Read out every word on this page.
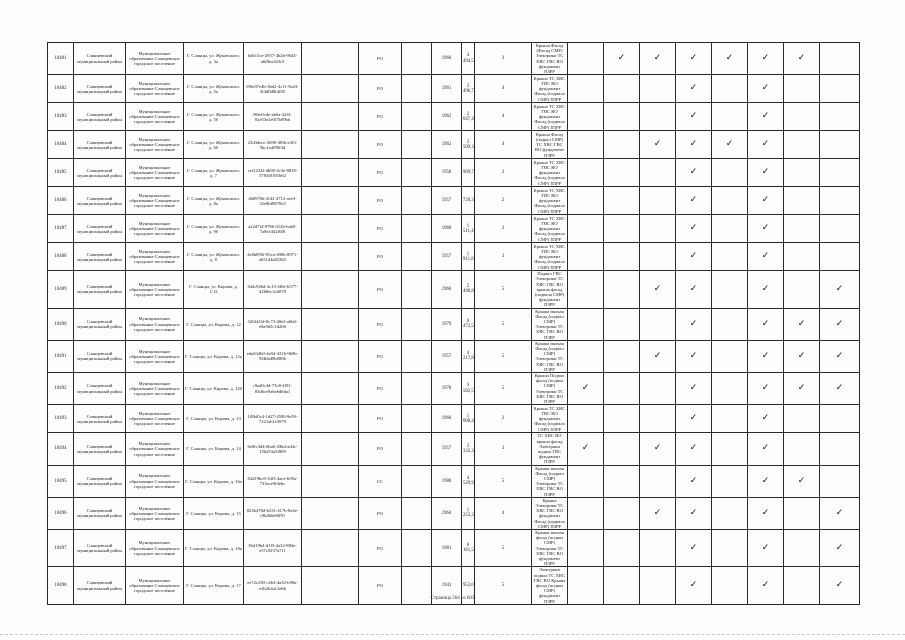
10481	Сланцевский муниципальный район	Муниципальное образование Сланцевское городское поселение	Г. Сланцы, ул. Жуковского, д. 3а	bdb13ce-2957-4b2b-9643-a6f8ea1d3c5		РО		1960	4 494,5	3	Крыша Фасад (Фасад СМР) Электрики ТС ХВС ГВС ВО фундамент ПЗРР		✓	✓	✓	✓	✓	✓		
10482	Сланцевский муниципальный район	Муниципальное образование Сланцевское городское поселение	Г. Сланцы, ул. Жуковского, д. 5а	69fe07e4b-3bd2-4c11-9a43-3f4d0d8f4f85		РО		1961	3 496,7	4	Крыша ТС ХВС ГВС ВО фундамент Фасад (подвала СМР) ПЗРР				✓		✓			
10483	Сланцевский муниципальный район	Муниципальное образование Сланцевское городское поселение	Г. Сланцы, ул. Жуковского, д. 5б	96fe0cde-ab0a-42f3-82e53e2e0f7b09bb		РО		1962	2 047,4	4	Крыша ТС ХВС ГВС ВО фундамент Фасад (подвала СМР) ПЗРР				✓		✓			
10484	Сланцевский муниципальный район	Муниципальное образование Сланцевское городское поселение	Г. Сланцы, ул. Жуковского, д. 6б	23d3dece-2690-4f0b-a3f3-5bc1a4f99f3d		РО		1962	3 509,3	4	Крыша Фасад (подвал СМР) ТС ХВС ГВС ВО фундамент ПЗРР			✓	✓	✓	✓			
10485	Сланцевский муниципальный район	Муниципальное образование Сланцевское городское поселение	Г. Сланцы, ул. Жуковского, д. 7	cef1234f-db98-4c3e-8818-5783f0181b62		РО		1958	969,7	3	Крыша ТС ХВС ГВС ВО фундамент Фасад (подвала СМР) ПЗРР				✓		✓			
10486	Сланцевский муниципальный район	Муниципальное образование Сланцевское городское поселение	Г. Сланцы, ул. Жуковского, д. 8а	4b8970d-2f42-4712-aee3-32e0bf8870e3		РО		1957	720,3	2	Крыша ТС ХВС ГВС ВО фундамент Фасад (подвала СМР) ПЗРР				✓		✓			
10487	Сланцевский муниципальный район	Муниципальное образование Сланцевское городское поселение	Г. Сланцы, ул. Жуковского, д. 9б	a22d7f4-9786-412b-bab0-7a8e1d42f6f8		РО		1960	1 511,4	3	Крыша ТС ХВС ГВС ВО фундамент Фасад (подвала СМР) ПЗРР				✓		✓			
10488	Сланцевский муниципальный район	Муниципальное образование Сланцевское городское поселение	Г. Сланцы, ул. Жуковского, д. 8	4e6b895f-85ca-490b-8971-a631d4a82365		РО		1957	1 911,8	3	Крыша ТС ХВС ГВС ВО фундамент Фасад (подвала СМР) ПЗРР				✓		✓			
10489	Сланцевский муниципальный район	Муниципальное образование Сланцевское городское поселение	Г. Сланцы, ул. Кирова, д. 1/12	3d4c926d-2c13-4f0e-b577-42b8ec3c6078		РО		1966	2 498,8	5	Подвал ГВС Электрики ТС ХВС ГВС ВО крыша фасад (подвала СМР) фундамент ПЗРР			✓	✓		✓		✓	
10490	Сланцевский муниципальный район	Муниципальное образование Сланцевское городское поселение	Г. Сланцы, ул. Кирова, д. 12	326f4f1d-8c73-40e2-a6b6-e8a5b5c1d266		РО		1979	6 472,5	5	Крыша мягкая Фасад (подвал СМР) Электрики ТС ХВС ГВС ВО ПЗРР				✓		✓	✓	✓	
10491	Сланцевский муниципальный район	Муниципальное образование Сланцевское городское поселение	Г. Сланцы, ул. Кирова, д. 12а	eda634b0-4a94-4316-9b9b-9f4b6d8b080b		РО		1957	4 217,8	5	Крыша мягкая Фасад (подвал СМР) Электрики ТС ХВС ГВС ВО ПЗРР			✓	✓		✓	✓	✓	
10492	Сланцевский муниципальный район	Муниципальное образование Сланцевское городское поселение	Г. Сланцы, ул. Кирова, д. 12б	c9ad0c4d-73c8-4f91-83d6ce9a6e6d6da1		РО		1978	3 582,5	5	Крыша Подвал фасад (подвал СМР) Электрики ТС ХВС ГВС ВО ПЗРР	✓			✓		✓	✓	✓	
10493	Сланцевский муниципальный район	Муниципальное образование Сланцевское городское поселение	Г. Сланцы, ул. Кирова, д. 13	1f8bf0c4-1d27-4590-9e59-7221ab1e3979		РО		1960	1 008,4	2	Крыша ТС ХВС ГВС ВО фундамент Фасад (подвала СМР) ПЗРР				✓		✓			
10494	Сланцевский муниципальный район	Муниципальное образование Сланцевское городское поселение	Г. Сланцы, ул. Кирова, д. 14	6e8fc3d4-6ba6-43bd-ad4c-15b253a5f809		РО		1957	3 332,3	3	ТС ХВС ВО крыша фасад Электрики подвал ГВС фундамент ПЗРР	✓		✓	✓		✓			
10495	Сланцевский муниципальный район	Муниципальное образование Сланцевское городское поселение	Г. Сланцы, ул. Кирова, д. 16а	82d19bc8-34f3-4ace-b95a-733ace9f4ebc		СС		1980	4 529,9	5	Крыша мягкая Фасад (подвал СМР) Электрики ТС ХВС ГВС ВО ПЗРР				✓		✓	✓		
10496	Сланцевский муниципальный район	Муниципальное образование Сланцевское городское поселение	Г. Сланцы, ул. Кирова, д. 15	823b478d-b331-417b-8e4e-c9b4b6e8ff91		РО		1964	1 252,2	4	Крыша Электрики ТС ХВС ГВС ВО фундамент Фасад (подвала СМР) ПЗРР			✓	✓		✓		✓	
10497	Сланцевский муниципальный район	Муниципальное образование Сланцевское городское поселение	Г. Сланцы, ул. Кирова, д. 18а	36d19b4-d1f5-4a32-884e-e57c9257a711		РО		1981	6 161,5	5	Крыша мягкая фасад (подвал СМР) Электрики ТС ХВС ГВС ВО фундамент ПЗРР				✓		✓		✓	
10498	Сланцевский муниципальный район	Муниципальное образование Сланцевское городское поселение	Г. Сланцы, ул. Кирова, д. 17	ee72c230-c4b3-4a32-b98a-e2b2b4a12e6b		РО		1941	953,0	5	Электрики подвал ТС ХВС ГВС ВО Крыша фасад (подвал СМР) фундамент ПЗРР				✓		✓		✓	
Страница 564 из 603
